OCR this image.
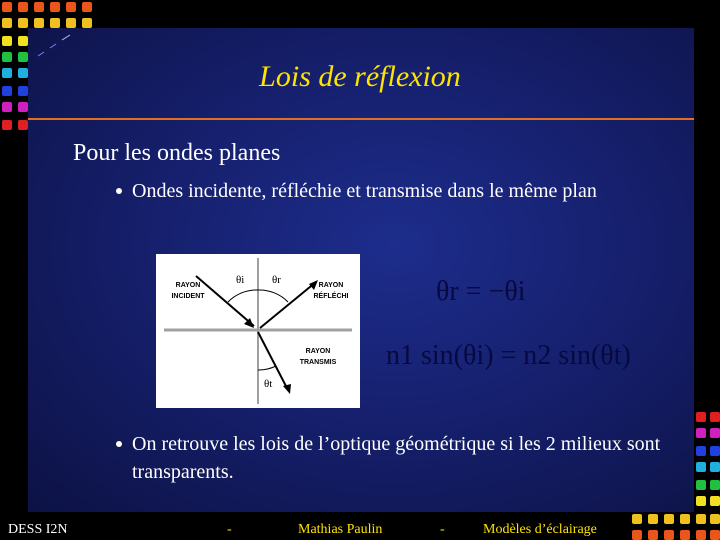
Lois de réflexion
Pour les ondes planes
Ondes incidente, réfléchie et transmise dans le même plan
RAYON
INCIDENT
RAYON
RÉFLÉCHI
RAYON
TRANSMIS
θi	θr
θt
θr = −θi
n1 sin(θi) = n2 sin(θt)
On retrouve les lois de l’optique géométrique si les 2 milieux sont transparents.
DESS I2N	-	Mathias Paulin	-	Modèles d’éclairage
